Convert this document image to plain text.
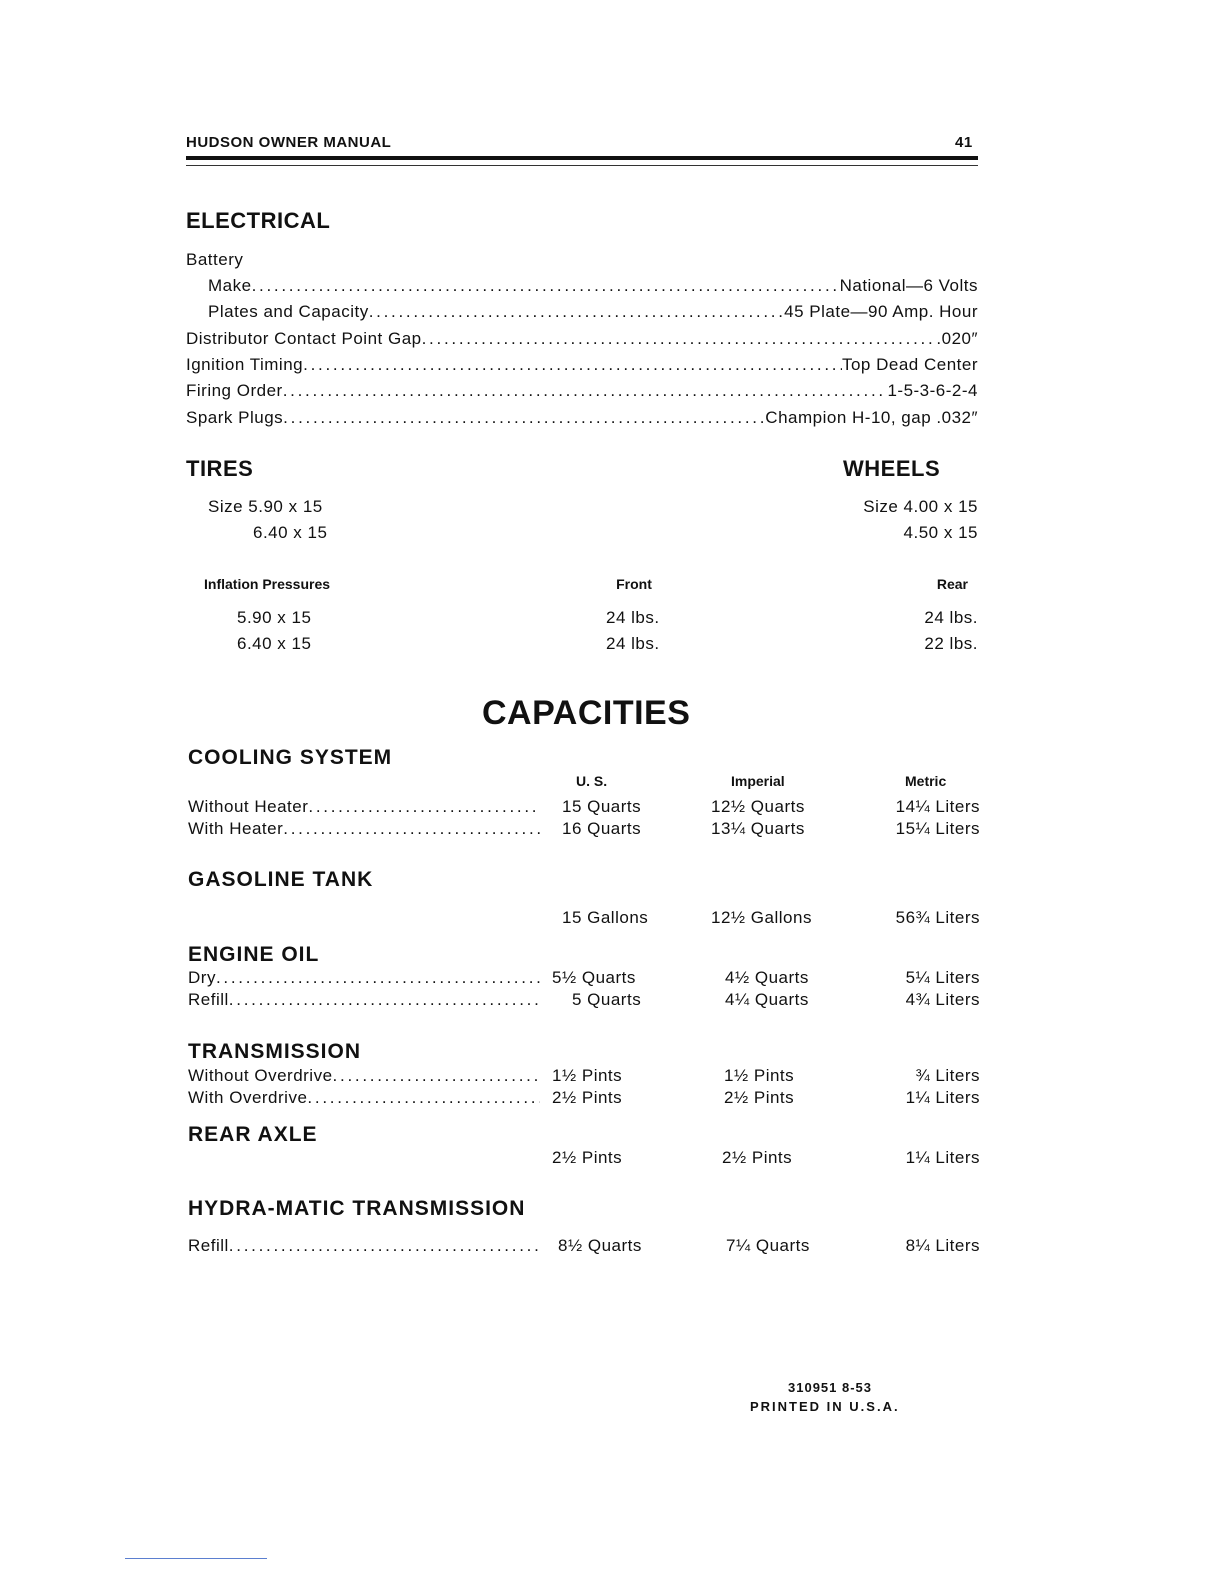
HUDSON OWNER MANUAL	41
ELECTRICAL
Battery
Make . . .	National—6 Volts
Plates and Capacity . . .	45 Plate—90 Amp. Hour
Distributor Contact Point Gap . . .	.020″
Ignition Timing . . .	Top Dead Center
Firing Order . . .	1-5-3-6-2-4
Spark Plugs . . .	Champion H-10, gap .032″
TIRES	WHEELS
Size 5.90 x 15
6.40 x 15
Size 4.00 x 15
4.50 x 15
Inflation Pressures	Front	Rear
5.90 x 15	24 lbs.	24 lbs.
6.40 x 15	24 lbs.	22 lbs.
CAPACITIES
COOLING SYSTEM
U. S.	Imperial	Metric
Without Heater . . .	15 Quarts	12½ Quarts	14¼ Liters
With Heater . . .	16 Quarts	13¼ Quarts	15¼ Liters
GASOLINE TANK
15 Gallons	12½ Gallons	56¾ Liters
ENGINE OIL
Dry . . .	5½ Quarts	4½ Quarts	5¼ Liters
Refill . . .	5 Quarts	4¼ Quarts	4¾ Liters
TRANSMISSION
Without Overdrive . . .	1½ Pints	1½ Pints	¾ Liters
With Overdrive . . .	2½ Pints	2½ Pints	1¼ Liters
REAR AXLE
2½ Pints	2½ Pints	1¼ Liters
HYDRA-MATIC TRANSMISSION
Refill . . .	8½ Quarts	7¼ Quarts	8¼ Liters
310951 8-53
PRINTED IN U.S.A.
